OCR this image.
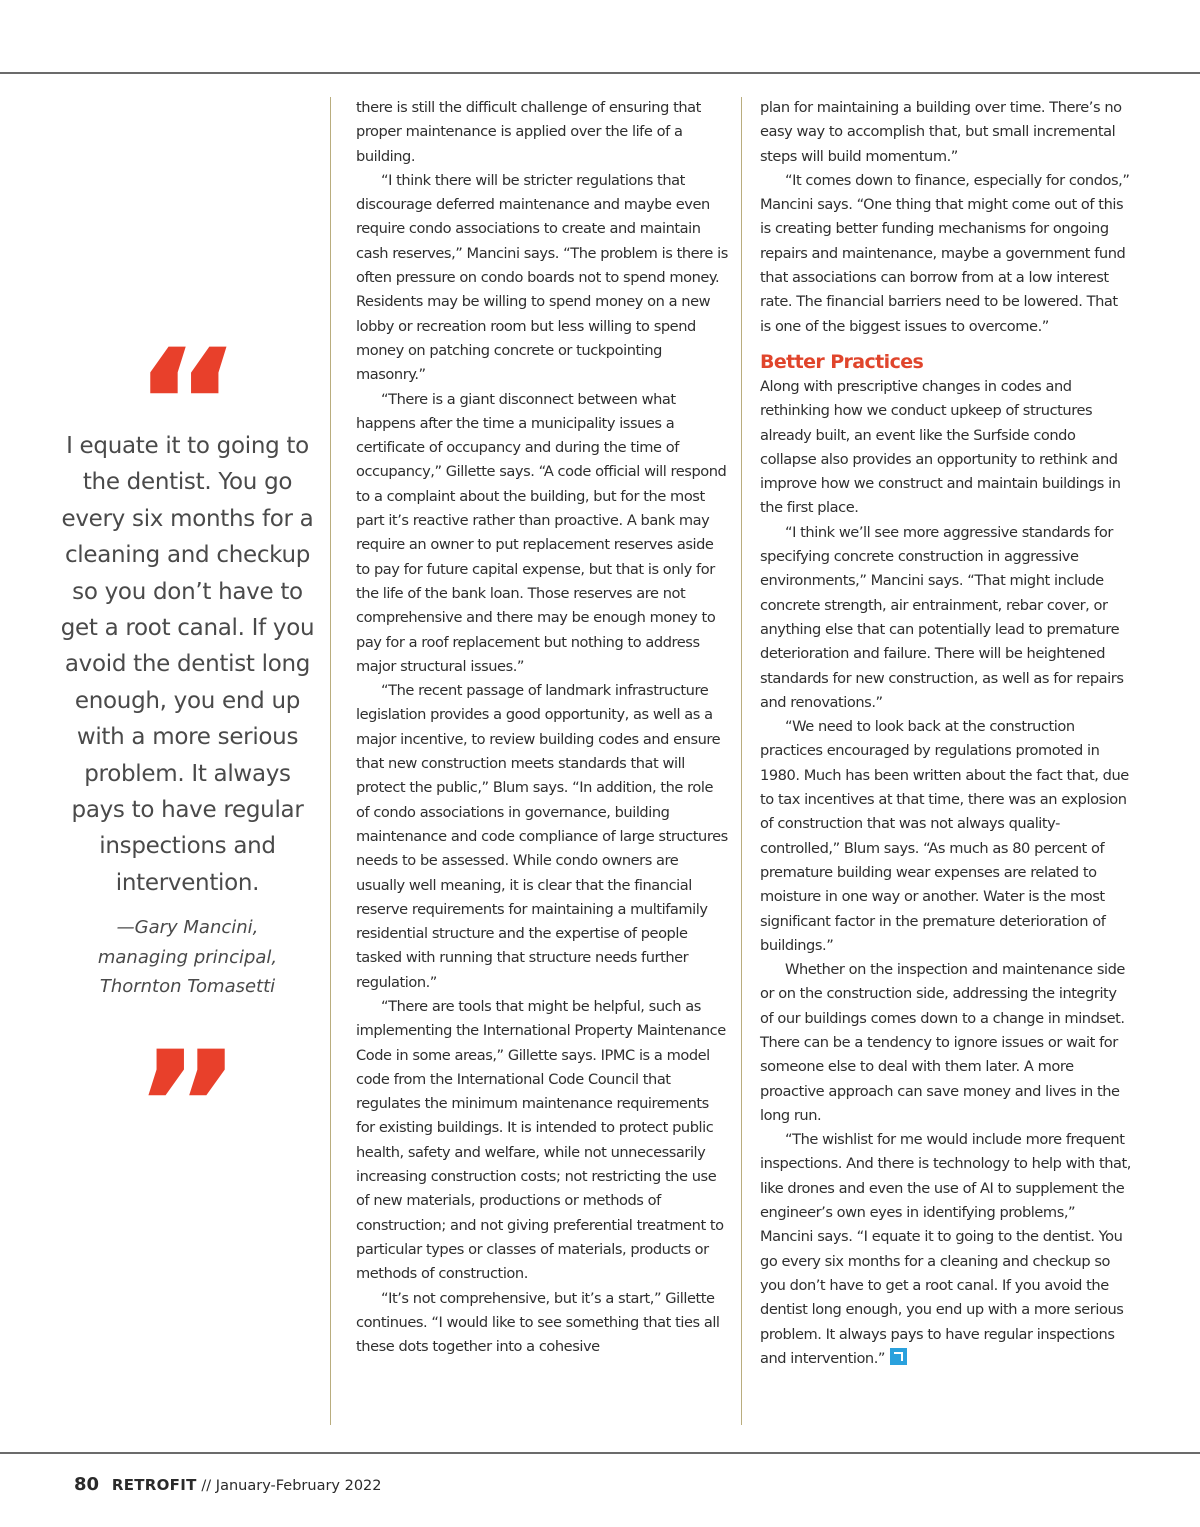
I equate it to going to the dentist. You go every six months for a cleaning and checkup so you don’t have to get a root canal. If you avoid the dentist long enough, you end up with a more serious problem. It always pays to have regular inspections and intervention.
—Gary Mancini,
managing principal,
Thornton Tomasetti

there is still the difficult challenge of ensuring that proper maintenance is applied over the life of a building.

“I think there will be stricter regulations that discourage deferred maintenance and maybe even require condo associations to create and maintain cash reserves,” Mancini says. “The problem is there is often pressure on condo boards not to spend money. Residents may be willing to spend money on a new lobby or recreation room but less willing to spend money on patching concrete or tuckpointing masonry.”

“There is a giant disconnect between what happens after the time a municipality issues a certificate of occupancy and during the time of occupancy,” Gillette says. “A code official will respond to a complaint about the building, but for the most part it’s reactive rather than proactive. A bank may require an owner to put replacement reserves aside to pay for future capital expense, but that is only for the life of the bank loan. Those reserves are not comprehensive and there may be enough money to pay for a roof replacement but nothing to address major structural issues.”

“The recent passage of landmark infrastructure legislation provides a good opportunity, as well as a major incentive, to review building codes and ensure that new construction meets standards that will protect the public,” Blum says. “In addition, the role of condo associations in governance, building maintenance and code compliance of large structures needs to be assessed. While condo owners are usually well meaning, it is clear that the financial reserve requirements for maintaining a multifamily residential structure and the expertise of people tasked with running that structure needs further regulation.”

“There are tools that might be helpful, such as implementing the International Property Maintenance Code in some areas,” Gillette says. IPMC is a model code from the International Code Council that regulates the minimum maintenance requirements for existing buildings. It is intended to protect public health, safety and welfare, while not unnecessarily increasing construction costs; not restricting the use of new materials, productions or methods of construction; and not giving preferential treatment to particular types or classes of materials, products or methods of construction.

“It’s not comprehensive, but it’s a start,” Gillette continues. “I would like to see something that ties all these dots together into a cohesive

plan for maintaining a building over time. There’s no easy way to accomplish that, but small incremental steps will build momentum.”

“It comes down to finance, especially for condos,” Mancini says. “One thing that might come out of this is creating better funding mechanisms for ongoing repairs and maintenance, maybe a government fund that associations can borrow from at a low interest rate. The financial barriers need to be lowered. That is one of the biggest issues to overcome.”

Better Practices

Along with prescriptive changes in codes and rethinking how we conduct upkeep of structures already built, an event like the Surfside condo collapse also provides an opportunity to rethink and improve how we construct and maintain buildings in the first place.

“I think we’ll see more aggressive standards for specifying concrete construction in aggressive environments,” Mancini says. “That might include concrete strength, air entrainment, rebar cover, or anything else that can potentially lead to premature deterioration and failure. There will be heightened standards for new construction, as well as for repairs and renovations.”

“We need to look back at the construction practices encouraged by regulations promoted in 1980. Much has been written about the fact that, due to tax incentives at that time, there was an explosion of construction that was not always quality-controlled,” Blum says. “As much as 80 percent of premature building wear expenses are related to moisture in one way or another. Water is the most significant factor in the premature deterioration of buildings.”

Whether on the inspection and maintenance side or on the construction side, addressing the integrity of our buildings comes down to a change in mindset. There can be a tendency to ignore issues or wait for someone else to deal with them later. A more proactive approach can save money and lives in the long run.

“The wishlist for me would include more frequent inspections. And there is technology to help with that, like drones and even the use of AI to supplement the engineer’s own eyes in identifying problems,” Mancini says. “I equate it to going to the dentist. You go every six months for a cleaning and checkup so you don’t have to get a root canal. If you avoid the dentist long enough, you end up with a more serious problem. It always pays to have regular inspections and intervention.”

80 RETROFIT // January-February 2022
